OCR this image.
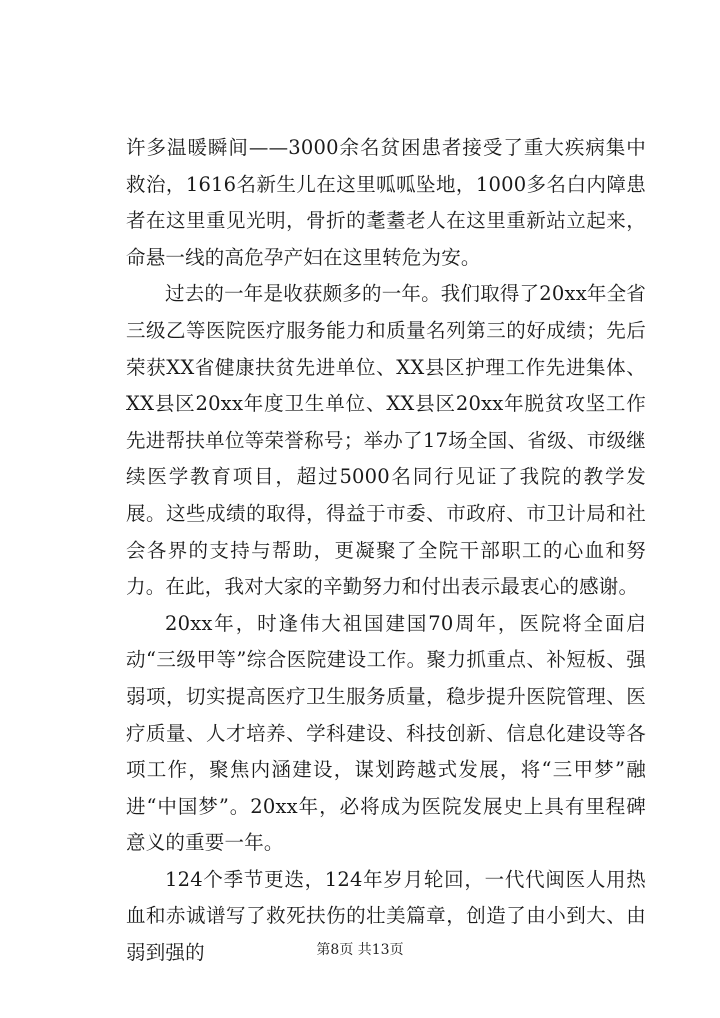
许多温暖瞬间——3000余名贫困患者接受了重大疾病集中救治，1616名新生儿在这里呱呱坠地，1000多名白内障患者在这里重见光明，骨折的耄耋老人在这里重新站立起来，命悬一线的高危孕产妇在这里转危为安。

过去的一年是收获颇多的一年。我们取得了20xx年全省三级乙等医院医疗服务能力和质量名列第三的好成绩；先后荣获XX省健康扶贫先进单位、XX县区护理工作先进集体、XX县区20xx年度卫生单位、XX县区20xx年脱贫攻坚工作先进帮扶单位等荣誉称号；举办了17场全国、省级、市级继续医学教育项目，超过5000名同行见证了我院的教学发展。这些成绩的取得，得益于市委、市政府、市卫计局和社会各界的支持与帮助，更凝聚了全院干部职工的心血和努力。在此，我对大家的辛勤努力和付出表示最衷心的感谢。

20xx年，时逢伟大祖国建国70周年，医院将全面启动“三级甲等”综合医院建设工作。聚力抓重点、补短板、强弱项，切实提高医疗卫生服务质量，稳步提升医院管理、医疗质量、人才培养、学科建设、科技创新、信息化建设等各项工作，聚焦内涵建设，谋划跨越式发展，将“三甲梦”融进“中国梦”。20xx年，必将成为医院发展史上具有里程碑意义的重要一年。

124个季节更迭，124年岁月轮回，一代代闽医人用热血和赤诚谱写了救死扶伤的壮美篇章，创造了由小到大、由弱到强的	第8页 共13页
